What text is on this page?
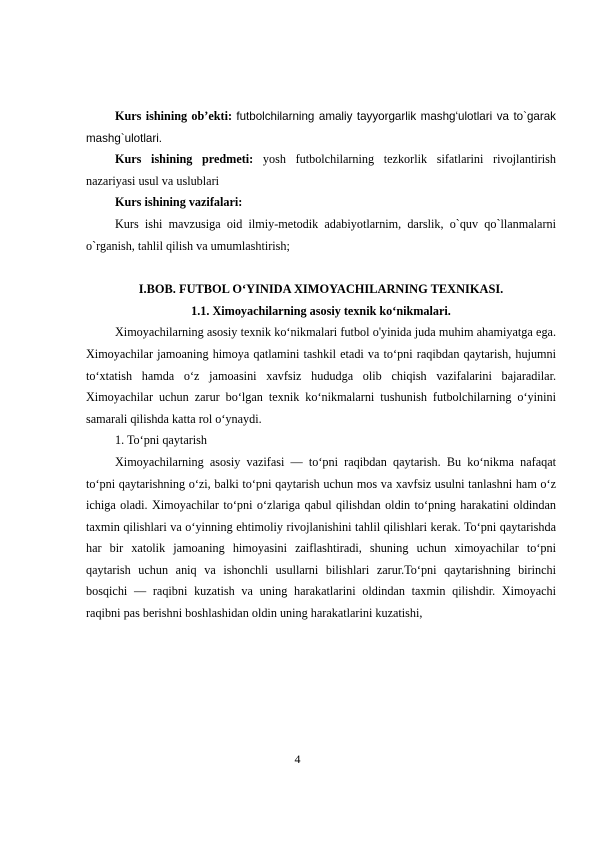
Kurs ishining ob’ekti: futbolchilarning amaliy tayyorgarlik mashg‘ulotlari va to`garak mashg`ulotlari.

Kurs ishining predmeti: yosh futbolchilarning tezkorlik sifatlarini rivojlantirish nazariyasi usul va uslublari

Kurs ishining vazifalari:

Kurs ishi mavzusiga oid ilmiy-metodik adabiyotlarnim, darslik, o`quv qo`llanmalarni o`rganish, tahlil qilish va umumlashtirish;

I.BOB. FUTBOL O‘YINIDA XIMOYACHILARNING TEXNIKASI.

1.1. Ximoyachilarning asosiy texnik ko‘nikmalari.

Ximoyachilarning asosiy texnik ko‘nikmalari futbol o'yinida juda muhim ahamiyatga ega. Ximoyachilar jamoaning himoya qatlamini tashkil etadi va to‘pni raqibdan qaytarish, hujumni to‘xtatish hamda o‘z jamoasini xavfsiz hududga olib chiqish vazifalarini bajaradilar. Ximoyachilar uchun zarur bo‘lgan texnik ko‘nikmalarni tushunish futbolchilarning o‘yinini samarali qilishda katta rol o‘ynaydi.

1. To‘pni qaytarish

Ximoyachilarning asosiy vazifasi — to‘pni raqibdan qaytarish. Bu ko‘nikma nafaqat to‘pni qaytarishning o‘zi, balki to‘pni qaytarish uchun mos va xavfsiz usulni tanlashni ham o‘z ichiga oladi. Ximoyachilar to‘pni o‘zlariga qabul qilishdan oldin to‘pning harakatini oldindan taxmin qilishlari va o‘yinning ehtimoliy rivojlanishini tahlil qilishlari kerak. To‘pni qaytarishda har bir xatolik jamoaning himoyasini zaiflashtiradi, shuning uchun ximoyachilar to‘pni qaytarish uchun aniq va ishonchli usullarni bilishlari zarur.To‘pni qaytarishning birinchi bosqichi — raqibni kuzatish va uning harakatlarini oldindan taxmin qilishdir. Ximoyachi raqibni pas berishni boshlashidan oldin uning harakatlarini kuzatishi,

4
